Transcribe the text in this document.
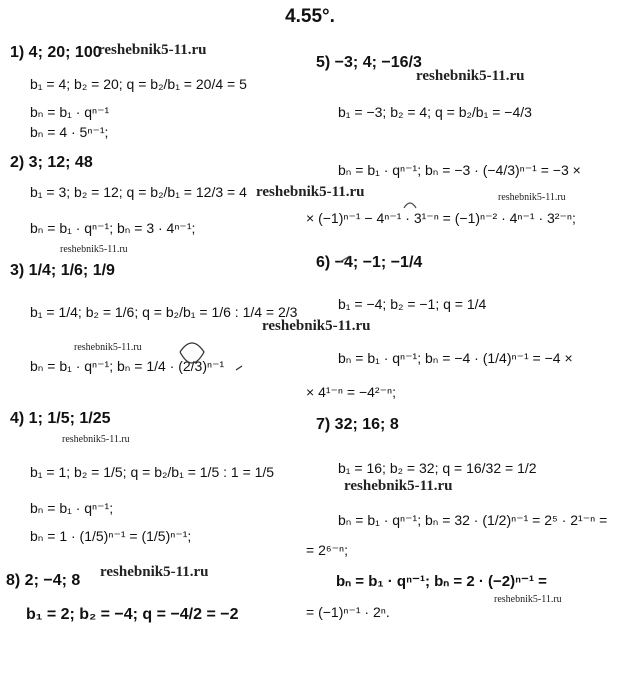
4.55°.
1) 4; 20; 100
reshebnik5-11.ru
b₁ = 4; b₂ = 20; q = b₂/b₁ = 20/4 = 5
bₙ = b₁ · qⁿ⁻¹
bₙ = 4 · 5ⁿ⁻¹;
2) 3; 12; 48
b₁ = 3; b₂ = 12; q = b₂/b₁ = 12/3 = 4 reshebnik5-11.ru
bₙ = b₁ · qⁿ⁻¹; bₙ = 3 · 4ⁿ⁻¹;
reshebnik5-11.ru
3) 1/4; 1/6; 1/9
b₁ = 1/4; b₂ = 1/6; q = b₂/b₁ = 1/6 : 1/4 = 2/3
reshebnik5-11.ru
reshebnik5-11.ru
bₙ = b₁ · qⁿ⁻¹; bₙ = 1/4 · (2/3)ⁿ⁻¹
4) 1; 1/5; 1/25
reshebnik5-11.ru
b₁ = 1; b₂ = 1/5; q = b₂/b₁ = 1/5 : 1 = 1/5
bₙ = b₁ · qⁿ⁻¹;
bₙ = 1 · (1/5)ⁿ⁻¹ = (1/5)ⁿ⁻¹;
8) 2; −4; 8 reshebnik5-11.ru
b₁ = 2; b₂ = −4; q = −4/2 = −2
5) −3; 4; −16/3
reshebnik5-11.ru
b₁ = −3; b₂ = 4; q = b₂/b₁ = −4/3
bₙ = b₁ · qⁿ⁻¹; bₙ = −3 · (−4/3)ⁿ⁻¹ = −3 ×
reshebnik5-11.ru
× (−1)ⁿ⁻¹ − 4ⁿ⁻¹ · 3¹⁻ⁿ = (−1)ⁿ⁻² · 4ⁿ⁻¹ · 3²⁻ⁿ;
6) −4; −1; −1/4
b₁ = −4; b₂ = −1; q = 1/4
bₙ = b₁ · qⁿ⁻¹; bₙ = −4 · (1/4)ⁿ⁻¹ = −4 ×
× 4¹⁻ⁿ = −4²⁻ⁿ;
7) 32; 16; 8
b₁ = 16; b₂ = 32; q = 16/32 = 1/2
reshebnik5-11.ru
bₙ = b₁ · qⁿ⁻¹; bₙ = 32 · (1/2)ⁿ⁻¹ = 2⁵ · 2¹⁻ⁿ =
= 2⁶⁻ⁿ;
bₙ = b₁ · qⁿ⁻¹; bₙ = 2 · (−2)ⁿ⁻¹ =
reshebnik5-11.ru
= (−1)ⁿ⁻¹ · 2ⁿ.
